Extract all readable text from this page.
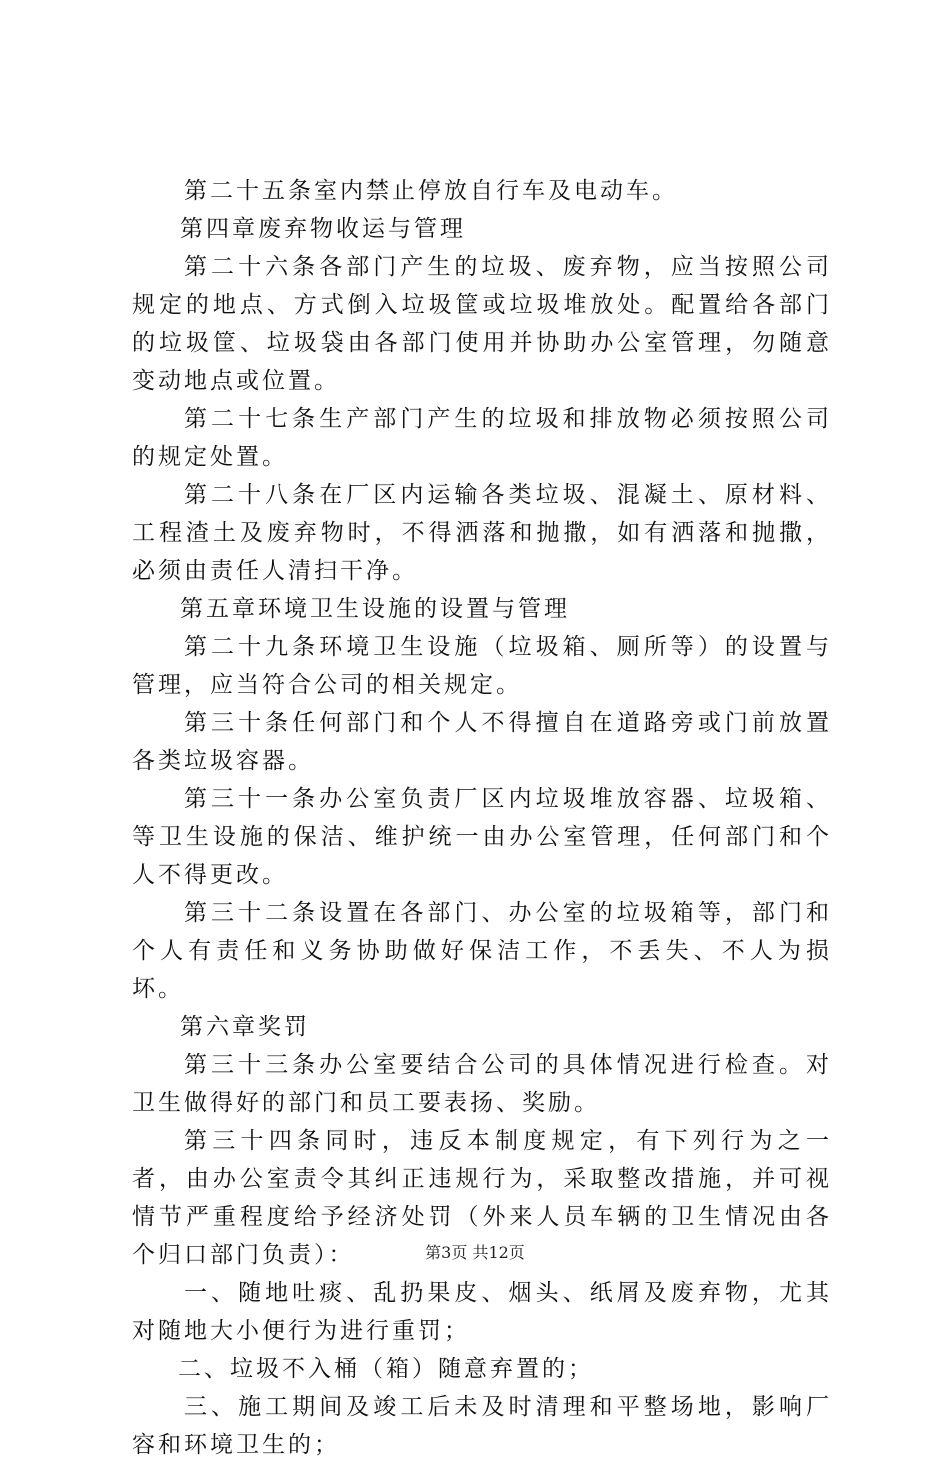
第二十五条室内禁止停放自行车及电动车。

第四章废弃物收运与管理

第二十六条各部门产生的垃圾、废弃物，应当按照公司规定的地点、方式倒入垃圾筐或垃圾堆放处。配置给各部门的垃圾筐、垃圾袋由各部门使用并协助办公室管理，勿随意变动地点或位置。

第二十七条生产部门产生的垃圾和排放物必须按照公司的规定处置。

第二十八条在厂区内运输各类垃圾、混凝土、原材料、工程渣土及废弃物时，不得洒落和抛撒，如有洒落和抛撒，必须由责任人清扫干净。

第五章环境卫生设施的设置与管理

第二十九条环境卫生设施（垃圾箱、厕所等）的设置与管理，应当符合公司的相关规定。

第三十条任何部门和个人不得擅自在道路旁或门前放置各类垃圾容器。

第三十一条办公室负责厂区内垃圾堆放容器、垃圾箱、等卫生设施的保洁、维护统一由办公室管理，任何部门和个人不得更改。

第三十二条设置在各部门、办公室的垃圾箱等，部门和个人有责任和义务协助做好保洁工作，不丢失、不人为损坏。

第六章奖罚

第三十三条办公室要结合公司的具体情况进行检查。对卫生做得好的部门和员工要表扬、奖励。

第三十四条同时，违反本制度规定，有下列行为之一者，由办公室责令其纠正违规行为，采取整改措施，并可视情节严重程度给予经济处罚（外来人员车辆的卫生情况由各个归口部门负责）：

一、随地吐痰、乱扔果皮、烟头、纸屑及废弃物，尤其对随地大小便行为进行重罚；

二、垃圾不入桶（箱）随意弃置的；

三、施工期间及竣工后未及时清理和平整场地，影响厂容和环境卫生的；

第3页 共12页
